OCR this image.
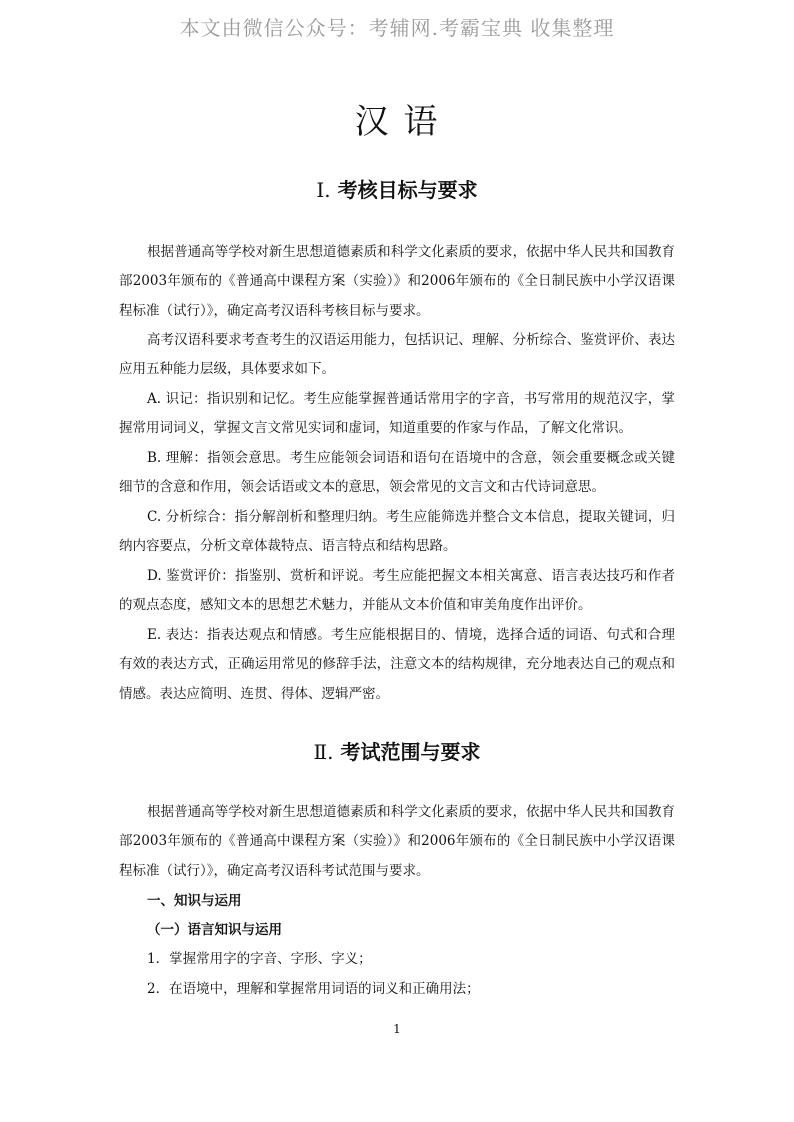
本文由微信公众号：考辅网.考霸宝典 收集整理
汉 语
Ⅰ. 考核目标与要求

根据普通高等学校对新生思想道德素质和科学文化素质的要求，依据中华人民共和国教育部2003年颁布的《普通高中课程方案（实验）》和2006年颁布的《全日制民族中小学汉语课程标准（试行）》，确定高考汉语科考核目标与要求。

高考汉语科要求考查考生的汉语运用能力，包括识记、理解、分析综合、鉴赏评价、表达应用五种能力层级，具体要求如下。

A. 识记：指识别和记忆。考生应能掌握普通话常用字的字音，书写常用的规范汉字，掌握常用词词义，掌握文言文常见实词和虚词，知道重要的作家与作品，了解文化常识。

B. 理解：指领会意思。考生应能领会词语和语句在语境中的含意，领会重要概念或关键细节的含意和作用，领会话语或文本的意思，领会常见的文言文和古代诗词意思。

C. 分析综合：指分解剖析和整理归纳。考生应能筛选并整合文本信息，提取关键词，归纳内容要点，分析文章体裁特点、语言特点和结构思路。

D. 鉴赏评价：指鉴别、赏析和评说。考生应能把握文本相关寓意、语言表达技巧和作者的观点态度，感知文本的思想艺术魅力，并能从文本价值和审美角度作出评价。

E. 表达：指表达观点和情感。考生应能根据目的、情境，选择合适的词语、句式和合理有效的表达方式，正确运用常见的修辞手法，注意文本的结构规律，充分地表达自己的观点和情感。表达应简明、连贯、得体、逻辑严密。

Ⅱ. 考试范围与要求

根据普通高等学校对新生思想道德素质和科学文化素质的要求，依据中华人民共和国教育部2003年颁布的《普通高中课程方案（实验）》和2006年颁布的《全日制民族中小学汉语课程标准（试行）》，确定高考汉语科考试范围与要求。

一、知识与运用

（一）语言知识与运用

1．掌握常用字的字音、字形、字义；

2．在语境中，理解和掌握常用词语的词义和正确用法；

1
